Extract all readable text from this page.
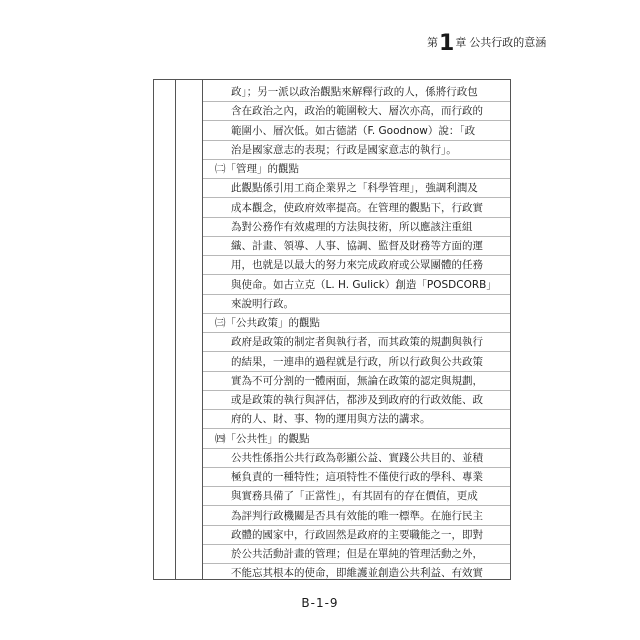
第1章 公共行政的意涵
政」；另一派以政治觀點來解釋行政的人，係將行政包
含在政治之內，政治的範圍較大、層次亦高，而行政的
範圍小、層次低。如古德諾（F. Goodnow）說：「政
治是國家意志的表現；行政是國家意志的執行」。
㈡「管理」的觀點
此觀點係引用工商企業界之「科學管理」，強調利潤及
成本觀念，使政府效率提高。在管理的觀點下，行政實
為對公務作有效處理的方法與技術，所以應該注重組
織、計畫、領導、人事、協調、監督及財務等方面的運
用，也就是以最大的努力來完成政府或公眾團體的任務
與使命。如古立克（L. H. Gulick）創造「POSDCORB」
來說明行政。
㈢「公共政策」的觀點
政府是政策的制定者與執行者，而其政策的規劃與執行
的結果，一連串的過程就是行政，所以行政與公共政策
實為不可分割的一體兩面，無論在政策的認定與規劃，
或是政策的執行與評估，都涉及到政府的行政效能、政
府的人、財、事、物的運用與方法的講求。
㈣「公共性」的觀點
公共性係指公共行政為彰顯公益、實踐公共目的、並積
極負責的一種特性；這項特性不僅使行政的學科、專業
與實務具備了「正當性」，有其固有的存在價值，更成
為評判行政機關是否具有效能的唯一標準。在施行民主
政體的國家中，行政固然是政府的主要職能之一，即對
於公共活動計畫的管理；但是在單純的管理活動之外，
不能忘其根本的使命，即維護並創造公共利益、有效實
B-1-9
